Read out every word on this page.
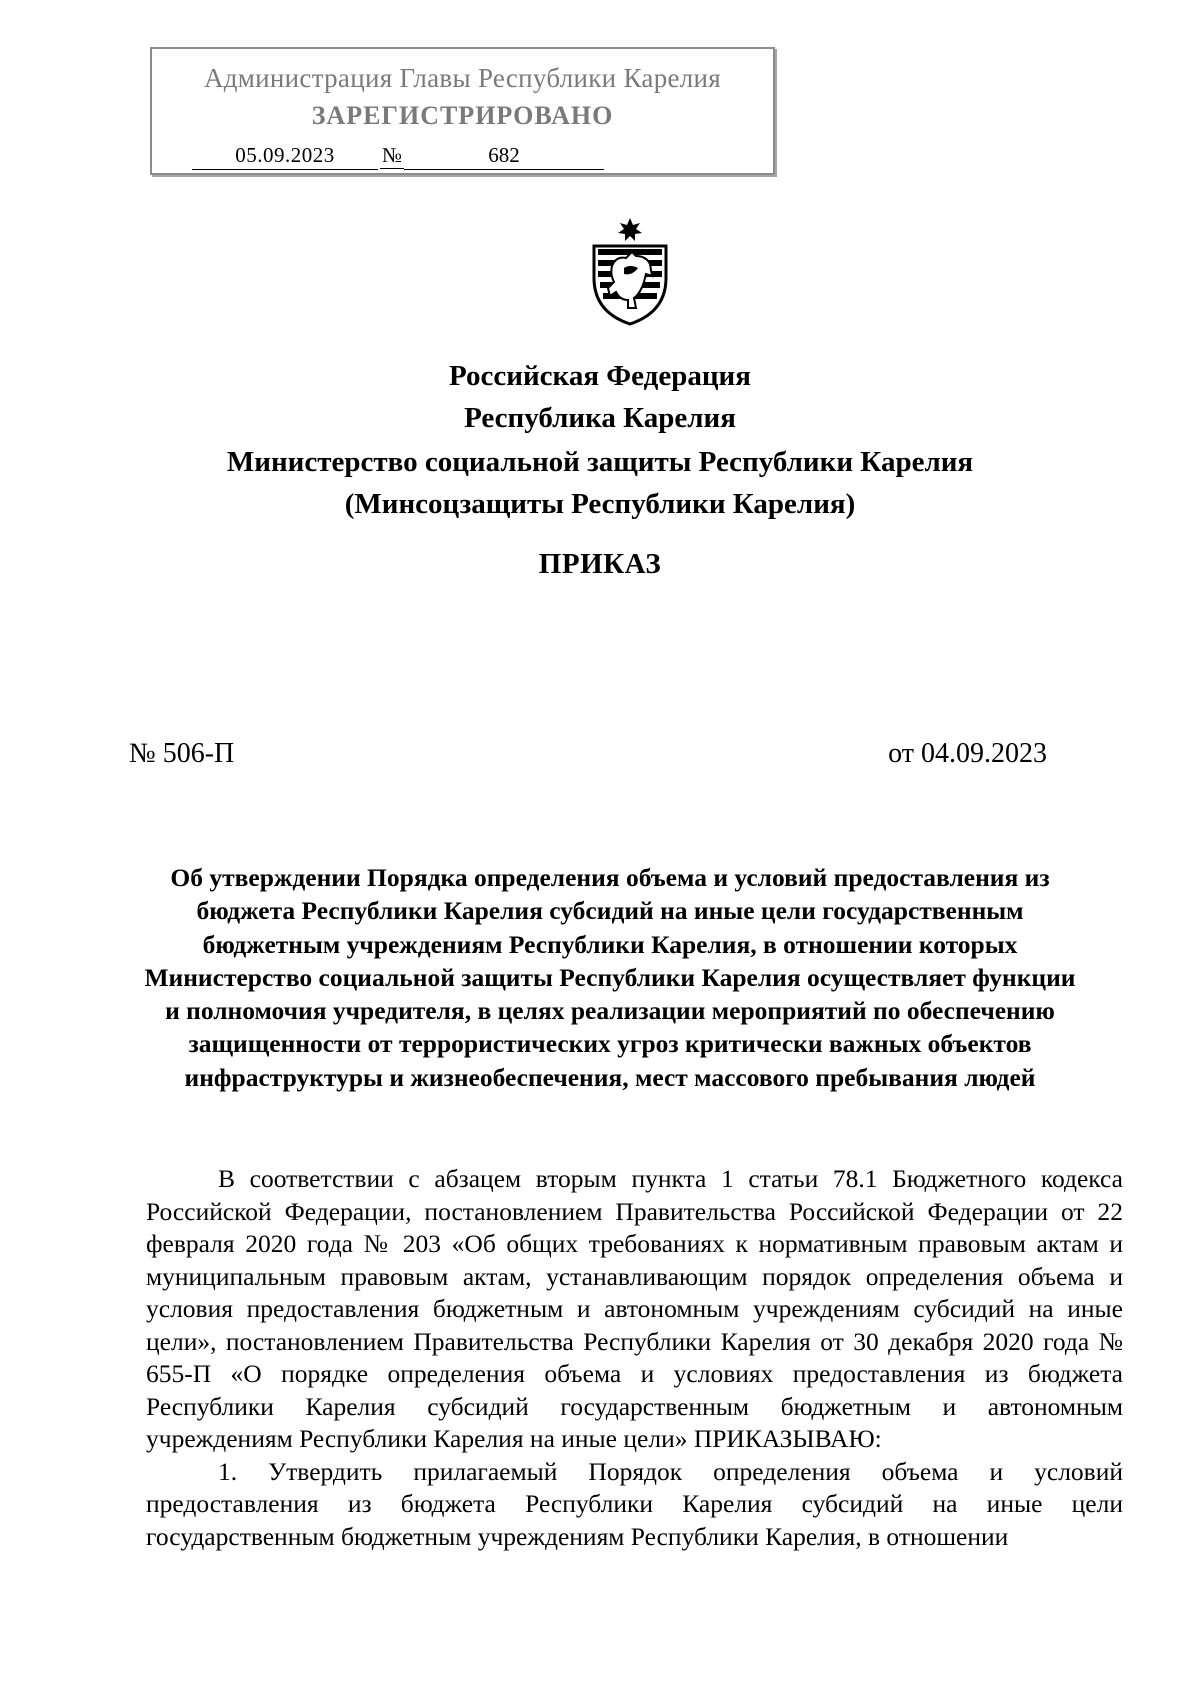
Администрация Главы Республики Карелия
ЗАРЕГИСТРИРОВАНО
05.09.2023	№	682
Российская Федерация
Республика Карелия
Министерство социальной защиты Республики Карелия
(Минсоцзащиты Республики Карелия)
ПРИКАЗ
№ 506-П	от 04.09.2023
Об утверждении Порядка определения объема и условий предоставления из бюджета Республики Карелия субсидий на иные цели государственным бюджетным учреждениям Республики Карелия, в отношении которых Министерство социальной защиты Республики Карелия осуществляет функции и полномочия учредителя, в целях реализации мероприятий по обеспечению защищенности от террористических угроз критически важных объектов инфраструктуры и жизнеобеспечения, мест массового пребывания людей

В соответствии с абзацем вторым пункта 1 статьи 78.1 Бюджетного кодекса Российской Федерации, постановлением Правительства Российской Федерации от 22 февраля 2020 года № 203 «Об общих требованиях к нормативным правовым актам и муниципальным правовым актам, устанавливающим порядок определения объема и условия предоставления бюджетным и автономным учреждениям субсидий на иные цели», постановлением Правительства Республики Карелия от 30 декабря 2020 года № 655-П «О порядке определения объема и условиях предоставления из бюджета Республики Карелия субсидий государственным бюджетным и автономным учреждениям Республики Карелия на иные цели» ПРИКАЗЫВАЮ:

1. Утвердить прилагаемый Порядок определения объема и условий предоставления из бюджета Республики Карелия субсидий на иные цели государственным бюджетным учреждениям Республики Карелия, в отношении
